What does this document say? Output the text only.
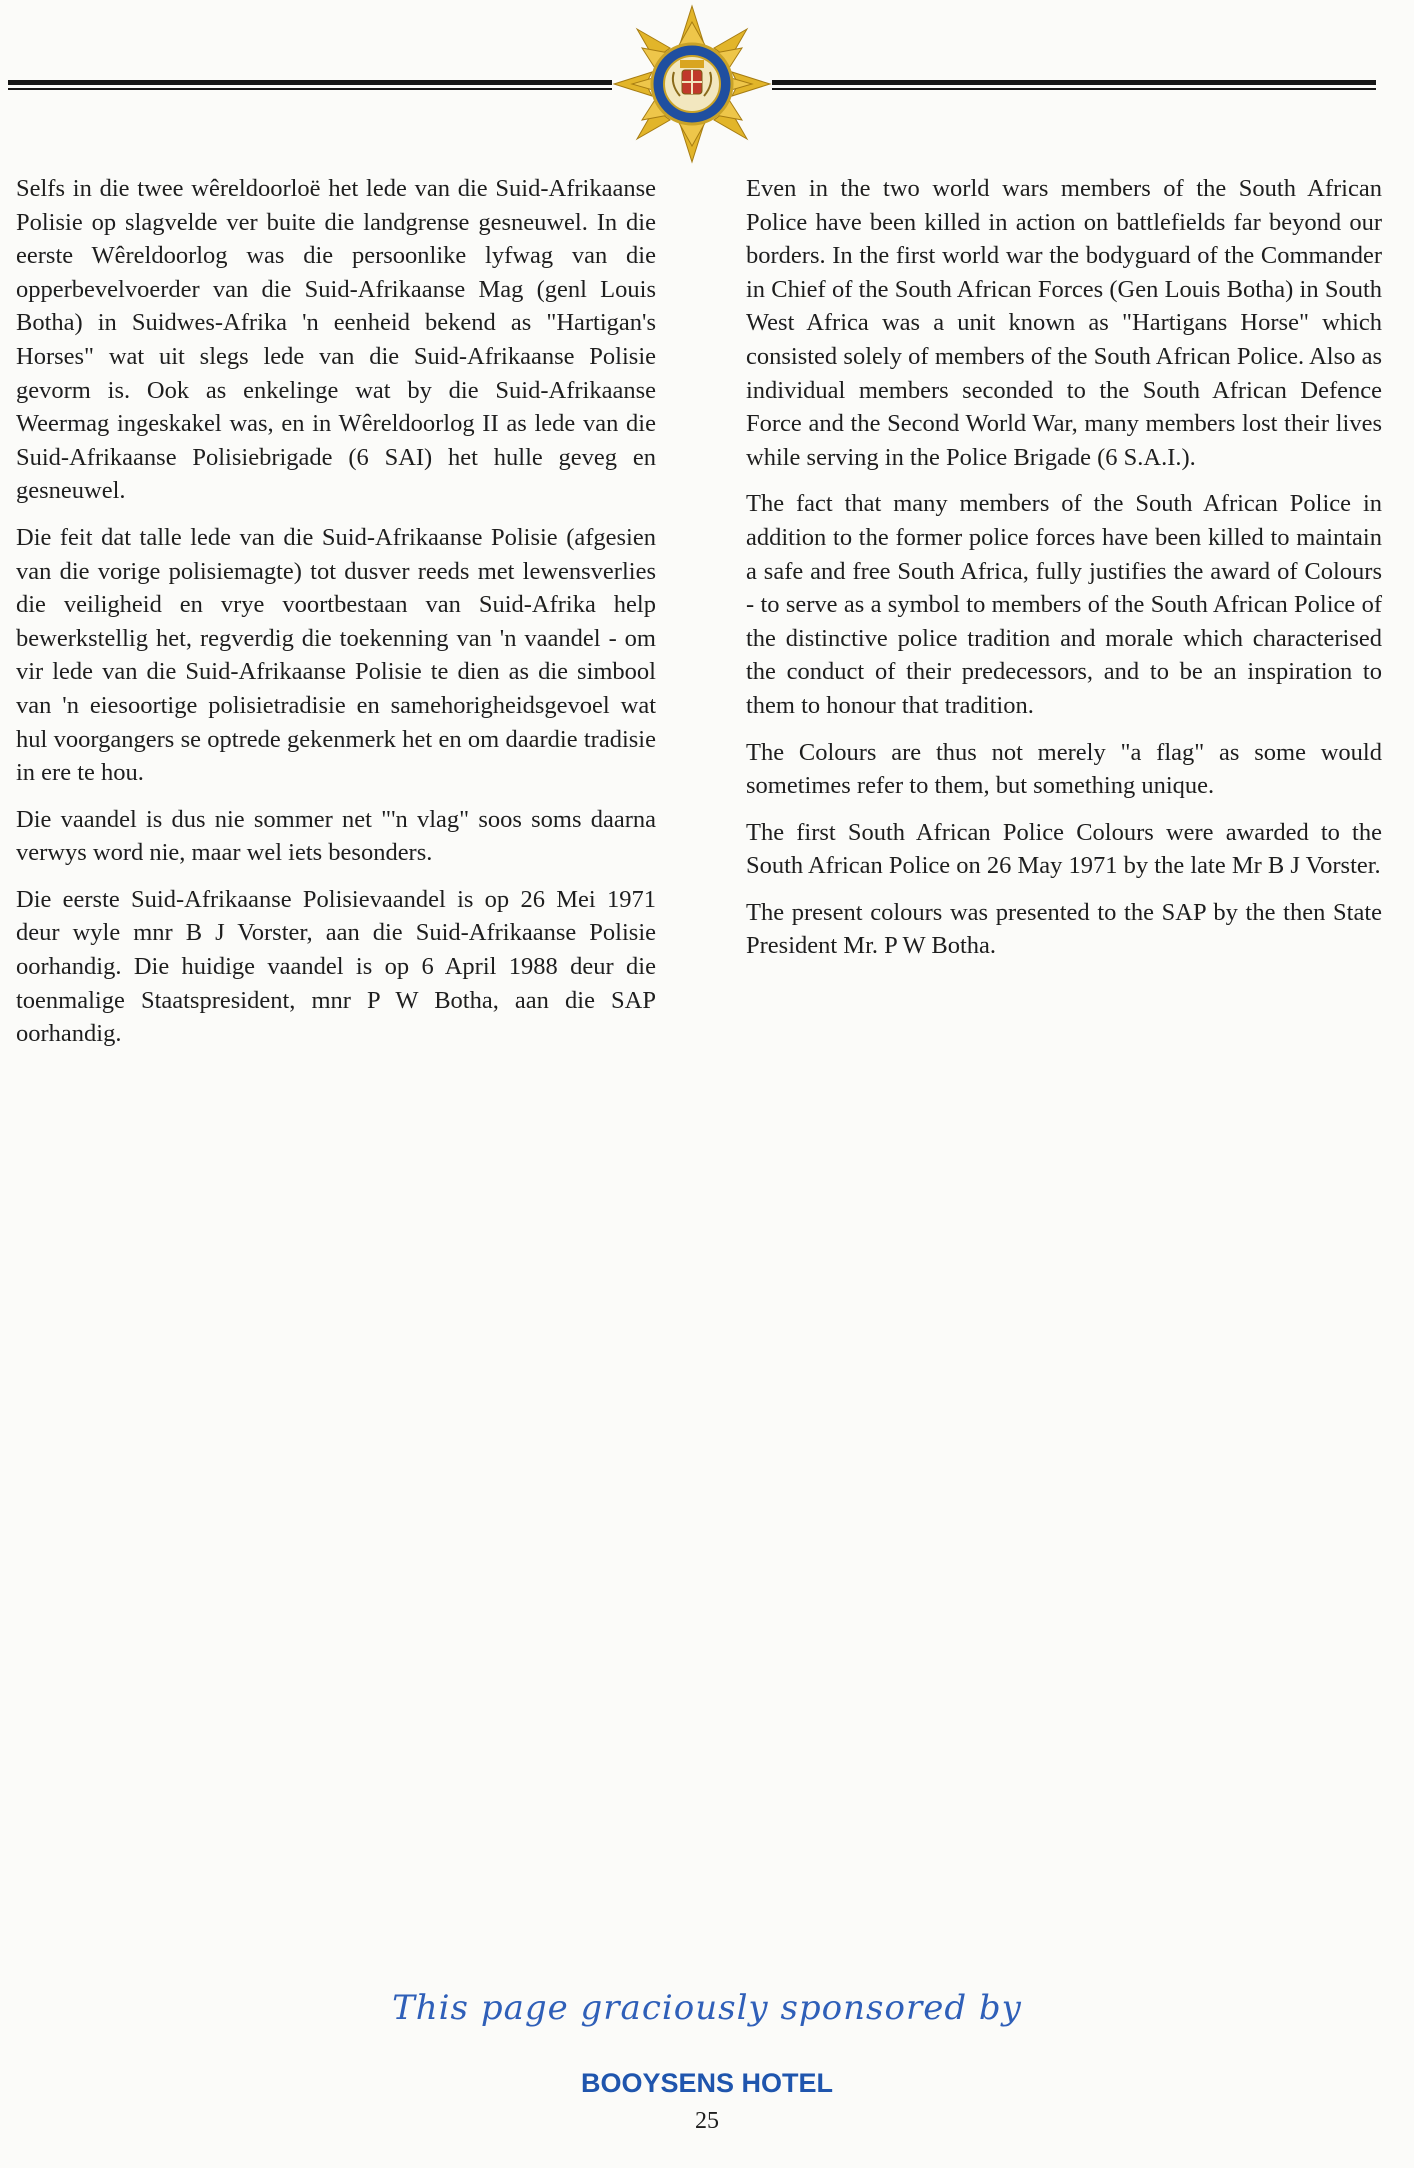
Selfs in die twee wêreldoorloë het lede van die Suid-Afrikaanse Polisie op slagvelde ver buite die landgrense gesneuwel. In die eerste Wêreldoorlog was die persoonlike lyfwag van die opperbevelvoerder van die Suid-Afrikaanse Mag (genl Louis Botha) in Suidwes-Afrika 'n eenheid bekend as "Hartigan's Horses" wat uit slegs lede van die Suid-Afrikaanse Polisie gevorm is. Ook as enkelinge wat by die Suid-Afrikaanse Weermag ingeskakel was, en in Wêreldoorlog II as lede van die Suid-Afrikaanse Polisiebrigade (6 SAI) het hulle geveg en gesneuwel.

Die feit dat talle lede van die Suid-Afrikaanse Polisie (afgesien van die vorige polisiemagte) tot dusver reeds met lewensverlies die veiligheid en vrye voortbestaan van Suid-Afrika help bewerkstellig het, regverdig die toekenning van 'n vaandel - om vir lede van die Suid-Afrikaanse Polisie te dien as die simbool van 'n eiesoortige polisietradisie en samehorigheidsgevoel wat hul voorgangers se optrede gekenmerk het en om daardie tradisie in ere te hou.

Die vaandel is dus nie sommer net "'n vlag" soos soms daarna verwys word nie, maar wel iets besonders.

Die eerste Suid-Afrikaanse Polisievaandel is op 26 Mei 1971 deur wyle mnr B J Vorster, aan die Suid-Afrikaanse Polisie oorhandig. Die huidige vaandel is op 6 April 1988 deur die toenmalige Staatspresident, mnr P W Botha, aan die SAP oorhandig.

Even in the two world wars members of the South African Police have been killed in action on battlefields far beyond our borders. In the first world war the bodyguard of the Commander in Chief of the South African Forces (Gen Louis Botha) in South West Africa was a unit known as "Hartigans Horse" which consisted solely of members of the South African Police. Also as individual members seconded to the South African Defence Force and the Second World War, many members lost their lives while serving in the Police Brigade (6 S.A.I.).

The fact that many members of the South African Police in addition to the former police forces have been killed to maintain a safe and free South Africa, fully justifies the award of Colours - to serve as a symbol to members of the South African Police of the distinctive police tradition and morale which characterised the conduct of their predecessors, and to be an inspiration to them to honour that tradition.

The Colours are thus not merely "a flag" as some would sometimes refer to them, but something unique.

The first South African Police Colours were awarded to the South African Police on 26 May 1971 by the late Mr B J Vorster.

The present colours was presented to the SAP by the then State President Mr. P W Botha.

This page graciously sponsored by
BOOYSENS HOTEL
25
